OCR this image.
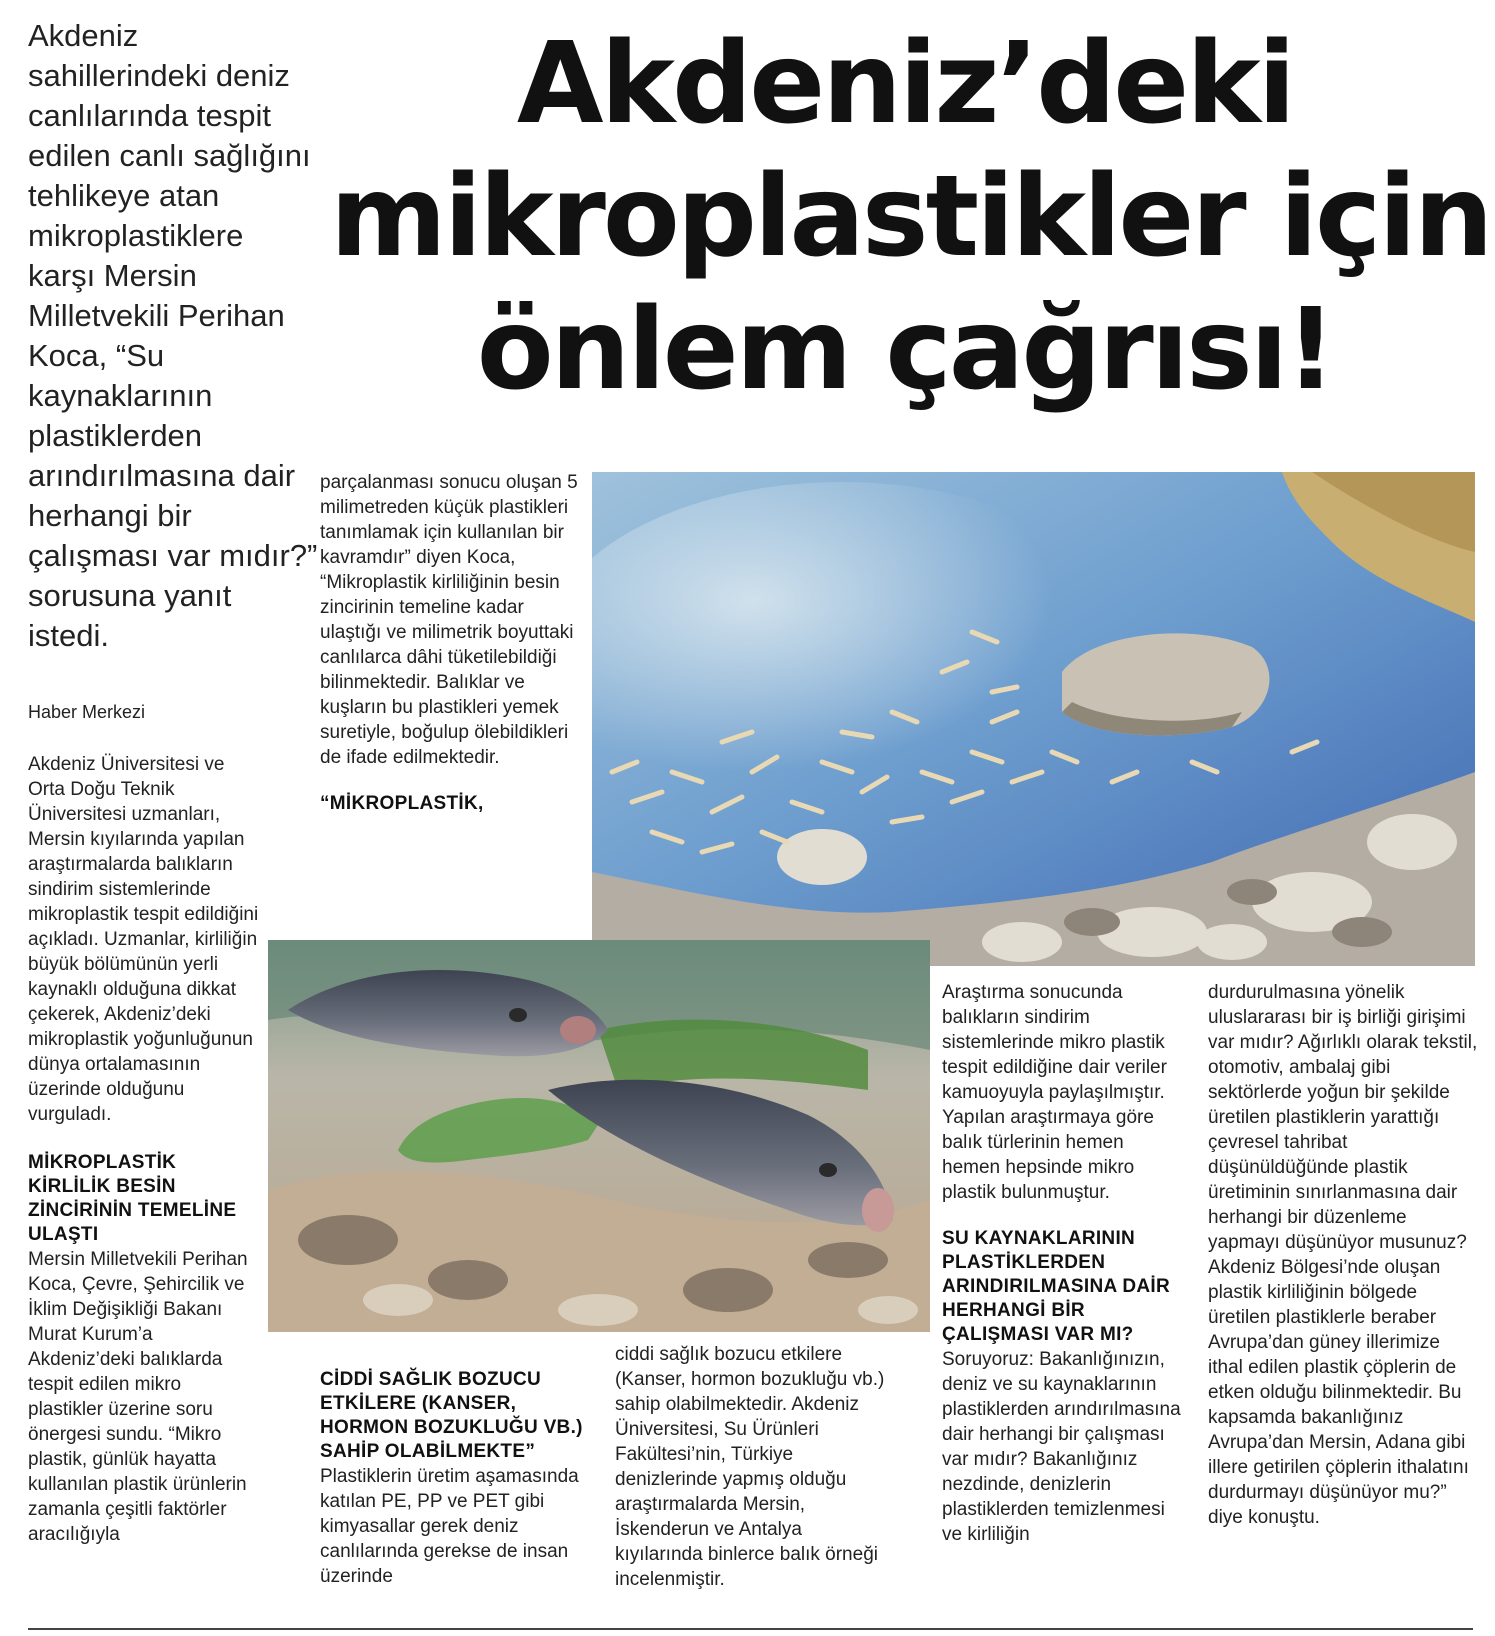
Akdeniz’deki
mikroplastikler için
önlem çağrısı!
Akdeniz sahillerindeki deniz canlılarında tespit edilen canlı sağlığını tehlikeye atan mikroplastiklere karşı Mersin Milletvekili Perihan Koca, “Su kaynaklarının plastiklerden arındırılmasına dair herhangi bir çalışması var mıdır?” sorusuna yanıt istedi.
Haber Merkezi

Akdeniz Üniversitesi ve Orta Doğu Teknik Üniversitesi uzmanları, Mersin kıyılarında yapılan araştırmalarda balıkların sindirim sistemlerinde mikroplastik tespit edildiğini açıkladı. Uzmanlar, kirliliğin büyük bölümünün yerli kaynaklı olduğuna dikkat çekerek, Akdeniz’deki mikroplastik yoğunluğunun dünya ortalamasının üzerinde olduğunu vurguladı.

MİKROPLASTİK KİRLİLİK BESİN ZİNCİRİNİN TEMELİNE ULAŞTI

Mersin Milletvekili Perihan Koca, Çevre, Şehircilik ve İklim Değişikliği Bakanı Murat Kurum’a Akdeniz’deki balıklarda tespit edilen mikro plastikler üzerine soru önergesi sundu. “Mikro plastik, günlük hayatta kullanılan plastik ürünlerin zamanla çeşitli faktörler aracılığıyla

parçalanması sonucu oluşan 5 milimetreden küçük plastikleri tanımlamak için kullanılan bir kavramdır” diyen Koca, “Mikroplastik kirliliğinin besin zincirinin temeline kadar ulaştığı ve milimetrik boyuttaki canlılarca dâhi tüketilebildiği bilinmektedir. Balıklar ve kuşların bu plastikleri yemek suretiyle, boğulup ölebildikleri de ifade edilmektedir.

“MİKROPLASTİK,
CİDDİ SAĞLIK BOZUCU ETKİLERE (KANSER, HORMON BOZUKLUĞU VB.) SAHİP OLABİLMEKTE”

Plastiklerin üretim aşamasında katılan PE, PP ve PET gibi kimyasallar gerek deniz canlılarında gerekse de insan üzerinde

ciddi sağlık bozucu etkilere (Kanser, hormon bozukluğu vb.) sahip olabilmektedir. Akdeniz Üniversitesi, Su Ürünleri Fakültesi’nin, Türkiye denizlerinde yapmış olduğu araştırmalarda Mersin, İskenderun ve Antalya kıyılarında binlerce balık örneği incelenmiştir.

Araştırma sonucunda balıkların sindirim sistemlerinde mikro plastik tespit edildiğine dair veriler kamuoyuyla paylaşılmıştır. Yapılan araştırmaya göre balık türlerinin hemen hemen hepsinde mikro plastik bulunmuştur.

SU KAYNAKLARININ PLASTİKLERDEN ARINDIRILMASINA DAİR HERHANGİ BİR ÇALIŞMASI VAR MI?

Soruyoruz: Bakanlığınızın, deniz ve su kaynaklarının plastiklerden arındırılmasına dair herhangi bir çalışması var mıdır? Bakanlığınız nezdinde, denizlerin plastiklerden temizlenmesi ve kirliliğin

durdurulmasına yönelik uluslararası bir iş birliği girişimi var mıdır? Ağırlıklı olarak tekstil, otomotiv, ambalaj gibi sektörlerde yoğun bir şekilde üretilen plastiklerin yarattığı çevresel tahribat düşünüldüğünde plastik üretiminin sınırlanmasına dair herhangi bir düzenleme yapmayı düşünüyor musunuz? Akdeniz Bölgesi’nde oluşan plastik kirliliğinin bölgede üretilen plastiklerle beraber Avrupa’dan güney illerimize ithal edilen plastik çöplerin de etken olduğu bilinmektedir. Bu kapsamda bakanlığınız Avrupa’dan Mersin, Adana gibi illere getirilen çöplerin ithalatını durdurmayı düşünüyor mu?” diye konuştu.
